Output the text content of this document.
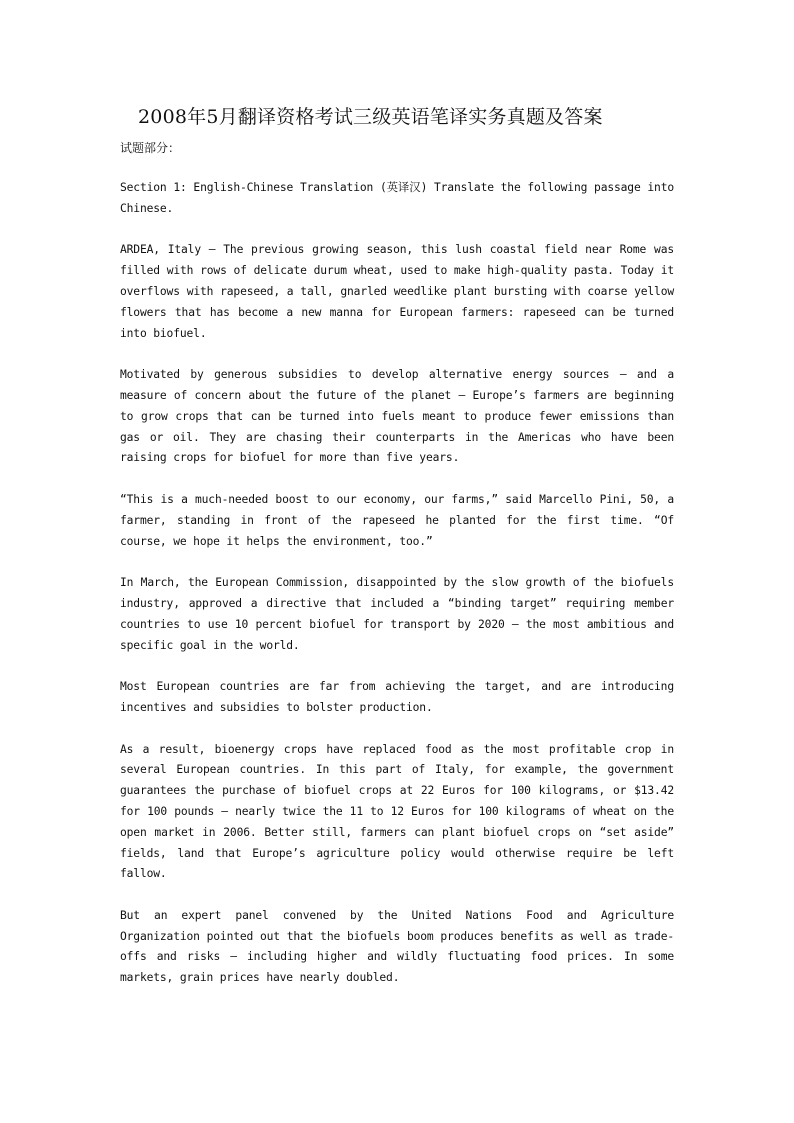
2008年5月翻译资格考试三级英语笔译实务真题及答案
试题部分：

Section 1: English-Chinese Translation (英译汉) Translate the following passage into Chinese.

ARDEA, Italy — The previous growing season, this lush coastal field near Rome was filled with rows of delicate durum wheat, used to make high-quality pasta. Today it overflows with rapeseed, a tall, gnarled weedlike plant bursting with coarse yellow flowers that has become a new manna for European farmers: rapeseed can be turned into biofuel.

Motivated by generous subsidies to develop alternative energy sources — and a measure of concern about the future of the planet — Europe’s farmers are beginning to grow crops that can be turned into fuels meant to produce fewer emissions than gas or oil. They are chasing their counterparts in the Americas who have been raising crops for biofuel for more than five years.

“This is a much-needed boost to our economy, our farms,” said Marcello Pini, 50, a farmer, standing in front of the rapeseed he planted for the first time. “Of course, we hope it helps the environment, too.”

In March, the European Commission, disappointed by the slow growth of the biofuels industry, approved a directive that included a “binding target” requiring member countries to use 10 percent biofuel for transport by 2020 — the most ambitious and specific goal in the world.

Most European countries are far from achieving the target, and are introducing incentives and subsidies to bolster production.

As a result, bioenergy crops have replaced food as the most profitable crop in several European countries. In this part of Italy, for example, the government guarantees the purchase of biofuel crops at 22 Euros for 100 kilograms, or $13.42 for 100 pounds — nearly twice the 11 to 12 Euros for 100 kilograms of wheat on the open market in 2006. Better still, farmers can plant biofuel crops on “set aside” fields, land that Europe’s agriculture policy would otherwise require be left fallow.

But an expert panel convened by the United Nations Food and Agriculture Organization pointed out that the biofuels boom produces benefits as well as trade-offs and risks — including higher and wildly fluctuating food prices. In some markets, grain prices have nearly doubled.
